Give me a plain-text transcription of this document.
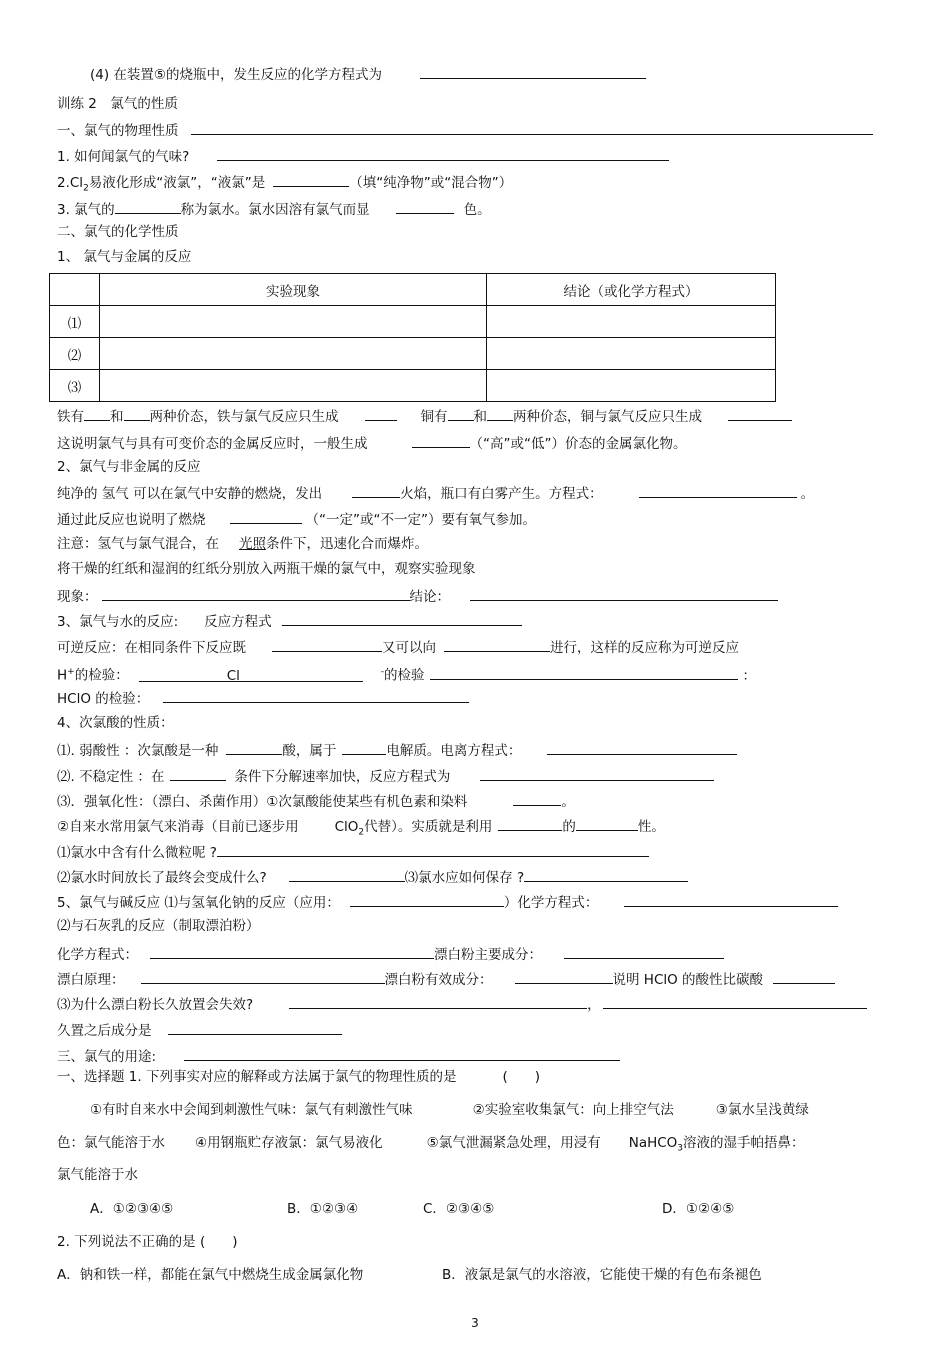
(4) 在装置⑤的烧瓶中，发生反应的化学方程式为
训练 2　氯气的性质
一、氯气的物理性质
1. 如何闻氯气的气味?
$2.Cl_2$易液化形成“液氯”，“液氯”是	（填“纯净物”或“混合物”）
3. 氯气的	称为氯水。氯水因溶有氯气而显	色。
二、氯气的化学性质
1、 氯气与金属的反应
	实验现象	结论（或化学方程式）
⑴		
⑵		
⑶		
铁有 和 两种价态，铁与氯气反应只生成	铜有 和 两种价态，铜与氯气反应只生成
这说明氯气与具有可变价态的金属反应时，一般生成	（“高”或“低”）价态的金属氯化物。
2、氯气与非金属的反应
纯净的 氢气 可以在氯气中安静的燃烧，发出	火焰，瓶口有白雾产生。方程式：	。
通过此反应也说明了燃烧	（“一定”或“不一定”）要有氧气参加。
注意：氢气与氯气混合，在 光照条件下，迅速化合而爆炸。
将干燥的红纸和湿润的红纸分别放入两瓶干燥的氯气中，观察实验现象
现象：	结论：
3、氯气与水的反应: 反应方程式
可逆反应：在相同条件下反应既	又可以向	进行，这样的反应称为可逆反应
H+的检验：	Cl	-的检验	：
HClO 的检验：
4、次氯酸的性质：
⑴. 弱酸性 ：次氯酸是一种	酸，属于	电解质。电离方程式：
⑵. 不稳定性 ：在	条件下分解速率加快，反应方程式为
⑶．强氧化性：（漂白、杀菌作用）①次氯酸能使某些有机色素和染料	。
②自来水常用氯气来消毒（目前已逐步用	ClO$_2$代替）。实质就是利用	的	性。
⑴氯水中含有什么微粒呢 ?
⑵氯水时间放长了最终会变成什么?	⑶氯水应如何保存 ?
5、氯气与碱反应 ⑴与氢氧化钠的反应（应用：	）化学方程式：
⑵与石灰乳的反应（制取漂泊粉）
化学方程式：	漂白粉主要成分：
漂白原理：	漂白粉有效成分：	说明 HClO 的酸性比碳酸
⑶为什么漂白粉长久放置会失效?	，
久置之后成分是
三、氯气的用途:
一、选择题 1. 下列事实对应的解释或方法属于氯气的物理性质的是	(　　)
①有时自来水中会闻到刺激性气味：氯气有刺激性气味	②实验室收集氯气：向上排空气法	③氯水呈浅黄绿
色：氯气能溶于水 ④用钢瓶贮存液氯：氯气易液化	⑤氯气泄漏紧急处理，用浸有 NaHCO$_3$溶液的湿手帕捂鼻：
氯气能溶于水
A．①②③④⑤	B．①②③④	C．②③④⑤	D．①②④⑤
2. 下列说法不正确的是 (　　)
A．钠和铁一样，都能在氯气中燃烧生成金属氯化物	B．液氯是氯气的水溶液，它能使干燥的有色布条褪色
3
